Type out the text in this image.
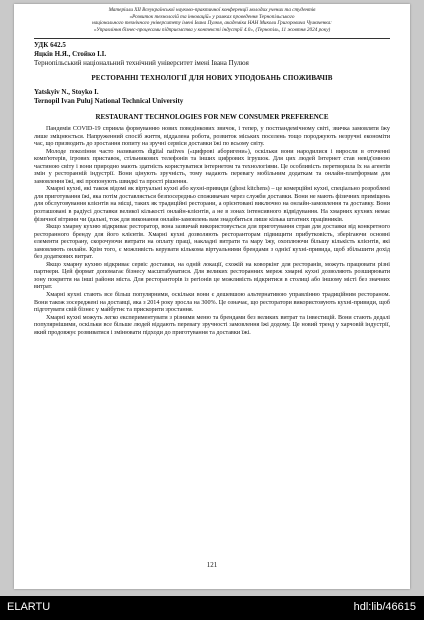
Матеріали XII Всеукраїнської науково-практичної конференції молодих учених та студентів
«Розвиток технологій та інновацій» у рамках проведення Тернопільського
національного технічного університету імені Івана Пулюя, академіка НАН Миколи Григоровича Чумаченка:
«Управління бізнес-процесами підприємства у контексті індустрії 4.0», (Тернопіль, 11 жовтня 2024 року)
УДК 642.5
Яцків Н.Я., Стойко І.І.
Тернопільський національний технічний університет імені Івана Пулюя
РЕСТОРАННІ ТЕХНОЛОГІЇ ДЛЯ НОВИХ УПОДОБАНЬ СПОЖИВАЧІВ
Yatskyiv N., Stoyko I.
Ternopil Ivan Puluj National Technical University
RESTAURANT TECHNOLOGIES FOR NEW CONSUMER PREFERENCE

Пандемія COVID-19 сприяла формуванню нових поведінкових звичок, і тепер, у постпандемічному світі, звичка замовляти їжу лише зміцнюється. Напруженний спосіб життя, віддалена робота, розвиток міських поселень тощо породжують незручні економіти час, що призводить до зростання попиту на зручні сервіси доставки їжі по всьому світу.

Молоде покоління часто називають digital natives («цифрові аборигени»), оскільки вони народилися і виросли в оточенні комп'ютерів, ігрових приставок, стільникових телефонів та інших цифрових ігрушок. Для цих людей Інтернет став невід'ємною частиною світу і вони природно мають здатність користуватися інтернетом та технологіями. Це особливість перетворила їх на агентів змін у ресторанній індустрії. Вони цінують зручність, тому надають перевагу мобільним додаткам та онлайн-платформам для замовлення їжі, які пропонують швидкі та прості рішення.

Хмарні кухні, які також відомі як віртуальні кухні або кухні-привиди (ghost kitchens) – це комерційні кухні, спеціально розроблені для приготування їжі, яка потім доставляється безпосередньо споживачам через служби доставки. Вони не мають фізичних приміщень для обслуговування клієнтів на місці, таких як традиційні ресторани, а орієнтовані виключно на онлайн-замовлення та доставку. Вони розташовані в радіусі доставки великої кількості онлайн-клієнтів, а не в зонах інтенсивного відвідування. На хмарних кухнях немає фізичної вітрини чи їдальні, тож для виконання онлайн-замовлень вам знадобиться лише кілька штатних працівників.

Якщо хмарну кухню відкриває ресторатор, вона зазвичай використовується для приготування страв для доставки від конкретного ресторанного бренду для його клієнтів. Хмарні кухні дозволяють ресторанторам підвищити прибутковість, зберігаючи основні елементи ресторану, скорочуючи витрати на оплату праці, накладні витрати та мару їжу, охоплюючи більшу кількість клієнтів, які замовляють онлайн. Крім того, є можливість керувати кількома віртуальними брендами з однієї кухні-привида, щоб збільшити дохід без додаткових витрат.

Якщо хмарну кухню відкриває сервіс доставки, на одній локації, схожій на коворкінг для ресторанів, можуть працювати різні партнери. Цей формат допомагає бізнесу масштабуватися. Для великих ресторанних мереж хмарні кухні дозволяють розширювати зону покриття на інші райони міста. Для ресторанторів із регіонів це можливість відкритися в столиці або іншому місті без значних витрат.

Хмарні кухні стають все більш популярними, оскільки вони є дешевшою альтернативою управлінню традиційним рестораном. Вони також зосереджені на доставці, яка з 2014 року зросла на 300%. Це означає, що ресторатори використовують кухні-привиди, щоб підготувати свій бізнес у майбутнє та прискорити зростання.

Хмарні кухні можуть легко експериментувати з різними меню та брендами без великих витрат та інвестицій. Вони стають дедалі популярнішими, оскільки все більше людей віддають перевагу зручності замовлення їжі додому. Це новий тренд у харчовій індустрії, який продовжує розвиватися і змінювати підходи до приготування та доставки їжі.

121
ELARTU	hdl:lib/46615
